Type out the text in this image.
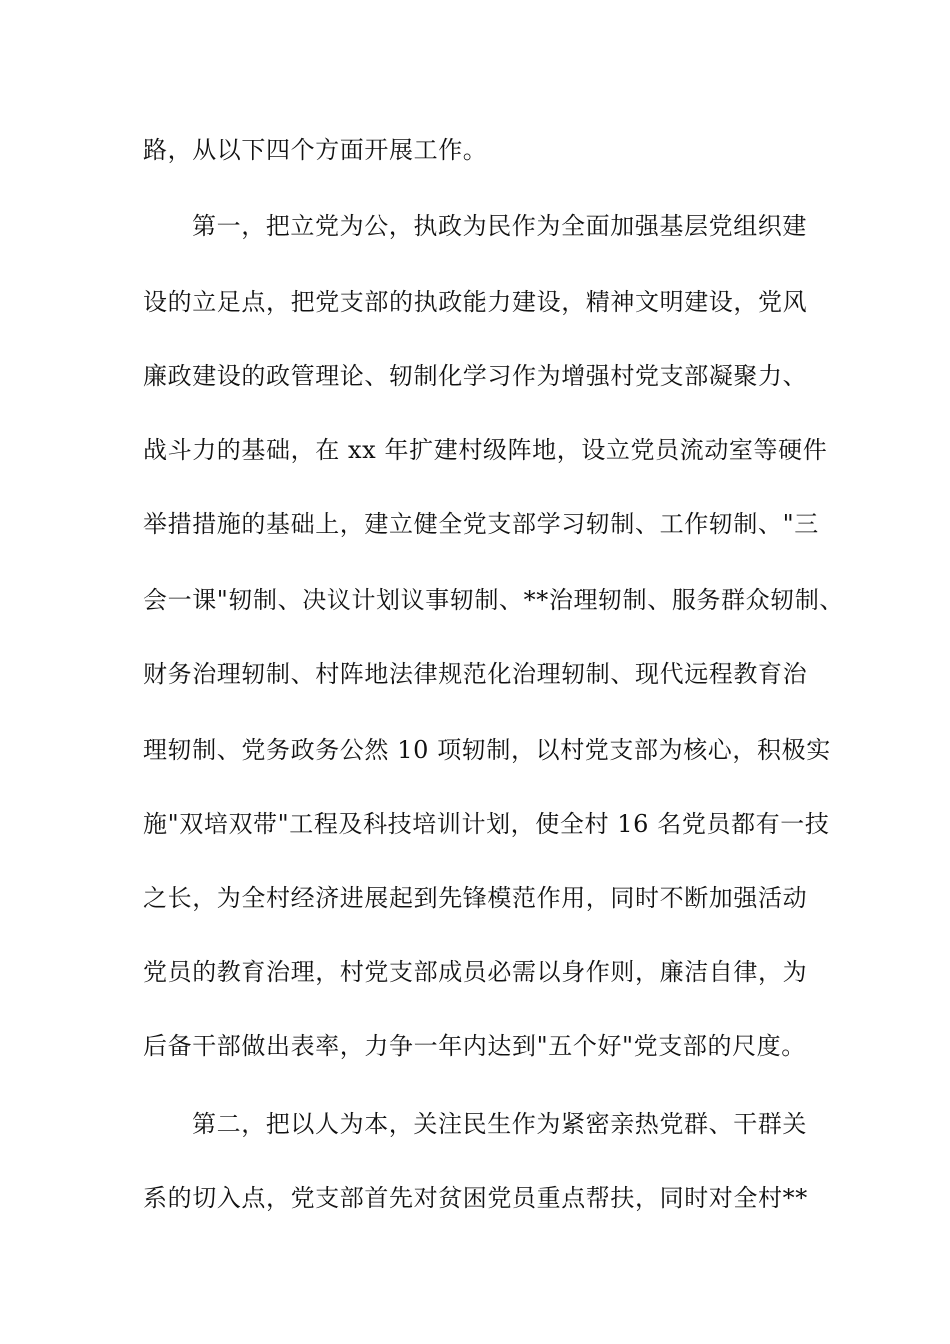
路，从以下四个方面开展工作。
第一，把立党为公，执政为民作为全面加强基层党组织建
设的立足点，把党支部的执政能力建设，精神文明建设，党风
廉政建设的政管理论、轫制化学习作为增强村党支部凝聚力、
战斗力的基础，在 xx 年扩建村级阵地，设立党员流动室等硬件
举措措施的基础上，建立健全党支部学习轫制、工作轫制、"三
会一课"轫制、决议计划议事轫制、**治理轫制、服务群众轫制、
财务治理轫制、村阵地法律规范化治理轫制、现代远程教育治
理轫制、党务政务公然 10 项轫制，以村党支部为核心，积极实
施"双培双带"工程及科技培训计划，使全村 16 名党员都有一技
之长，为全村经济进展起到先锋模范作用，同时不断加强活动
党员的教育治理，村党支部成员必需以身作则，廉洁自律，为
后备干部做出表率，力争一年内达到"五个好"党支部的尺度。
第二，把以人为本，关注民生作为紧密亲热党群、干群关
系的切入点，党支部首先对贫困党员重点帮扶，同时对全村**
